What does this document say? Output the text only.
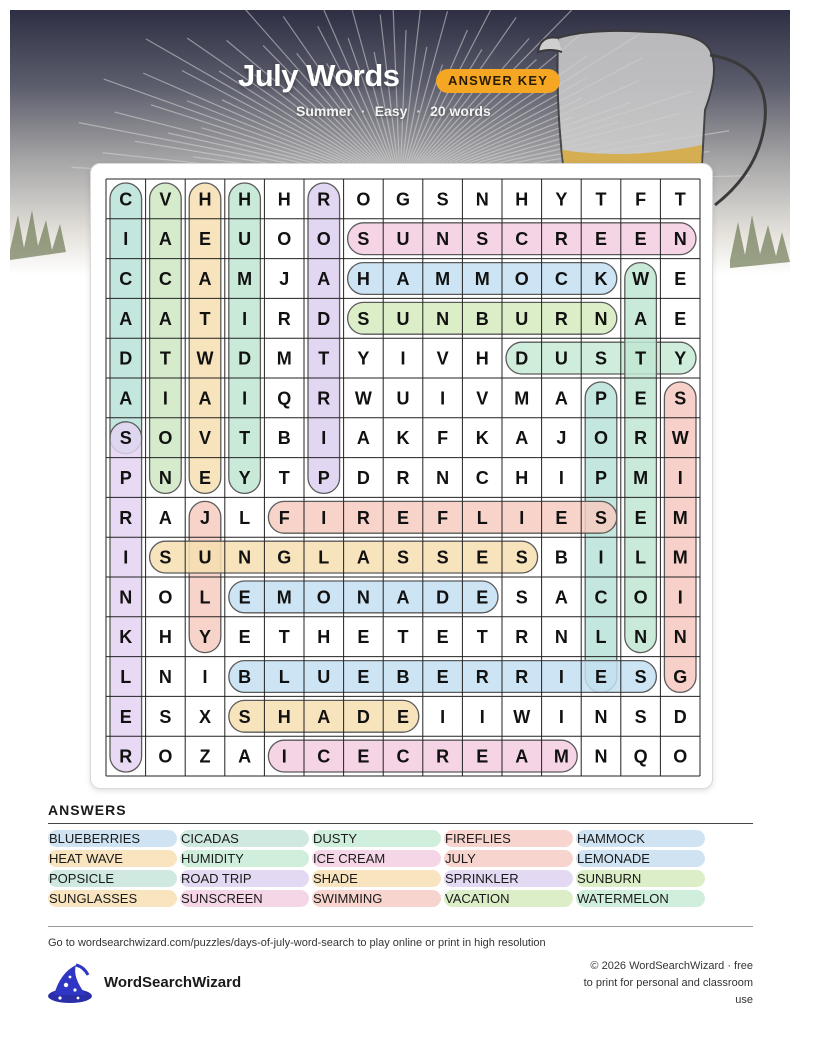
July Words	ANSWER KEY
Summer · Easy · 20 words
C V H H H R O G S N H Y T F T
I A E U O O S U N S C R E E N
C C A M J A H A M M O C K W E
A A T I R D S U N B U R N A E
D T W D M T Y I V H D U S T Y
A I A I Q R W U I V M A P E S
S O V T B I A K F K A J O R W
P N E Y T P D R N C H I P M I
R A J L F I R E F L I E S E M
I S U N G L A S S E S B I L M
N O L E M O N A D E S A C O I
K H Y E T H E T E T R N L N N
L N I B L U E B E R R I E S G
E S X S H A D E I I W I N S D
R O Z A I C E C R E A M N Q O
ANSWERS
BLUEBERRIES	CICADAS	DUSTY	FIREFLIES	HAMMOCK
HEAT WAVE	HUMIDITY	ICE CREAM	JULY	LEMONADE
POPSICLE	ROAD TRIP	SHADE	SPRINKLER	SUNBURN
SUNGLASSES	SUNSCREEN	SWIMMING	VACATION	WATERMELON
Go to wordsearchwizard.com/puzzles/days-of-july-word-search to play online or print in high resolution
WordSearchWizard
© 2026 WordSearchWizard · free to print for personal and classroom use
